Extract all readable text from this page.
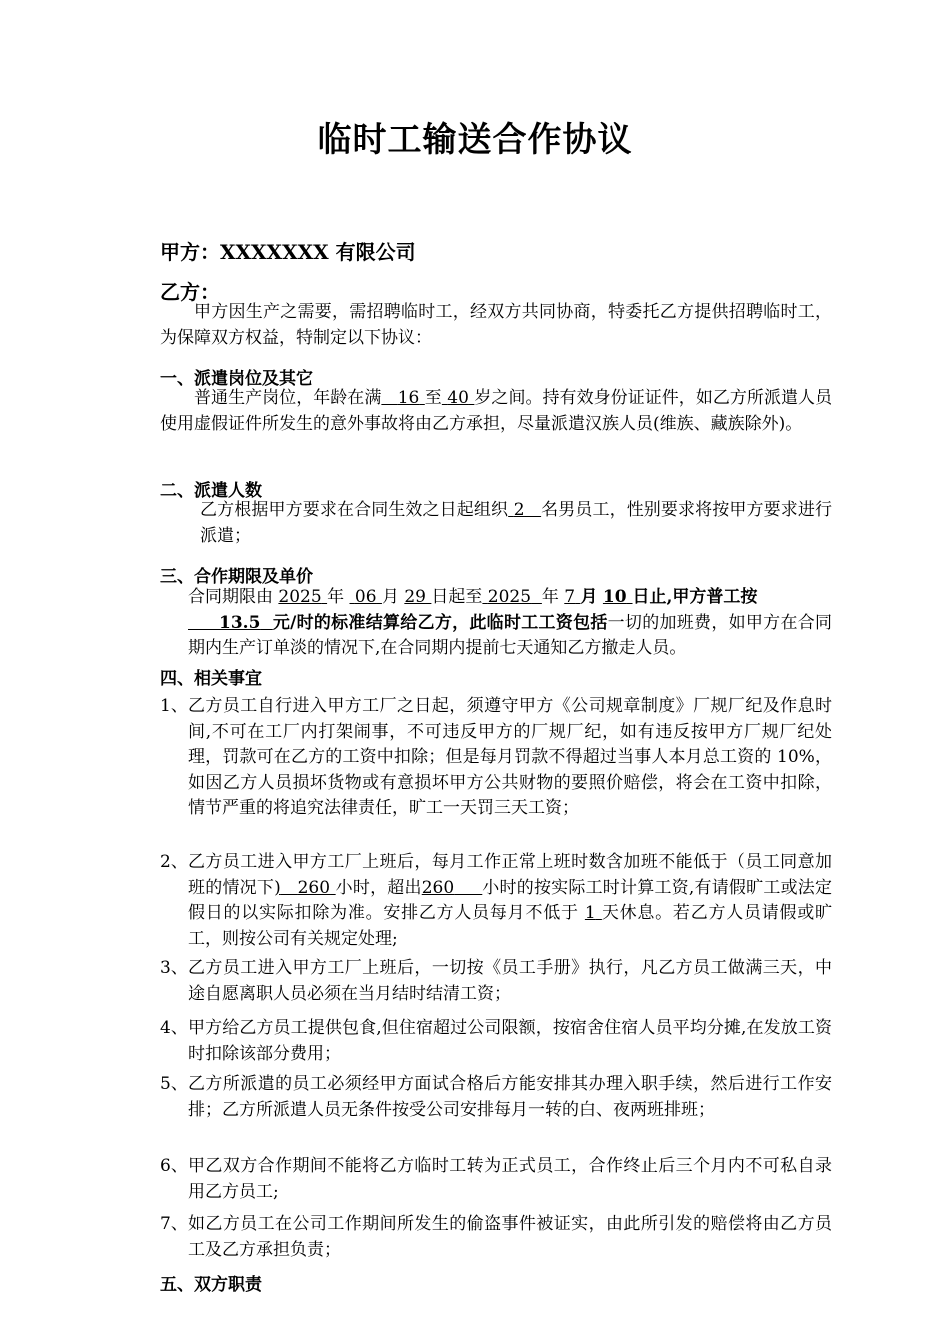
临时工输送合作协议
甲方：XXXXXXX 有限公司
乙方：
甲方因生产之需要，需招聘临时工，经双方共同协商，特委托乙方提供招聘临时工，为保障双方权益，特制定以下协议：
一、派遣岗位及其它
普通生产岗位，年龄在满 16 至 40 岁之间。持有效身份证证件，如乙方所派遣人员使用虚假证件所发生的意外事故将由乙方承担，尽量派遣汉族人员(维族、藏族除外)。
二、派遣人数
乙方根据甲方要求在合同生效之日起组织 2 名男员工，性别要求将按甲方要求进行派遣；
三、合作期限及单价
合同期限由 2025 年 06 月 29 日起至 2025 年 7 月 10 日止,甲方普工按
13.5 元/时的标准结算给乙方，此临时工工资包括一切的加班费，如甲方在合同期内生产订单淡的情况下,在合同期内提前七天通知乙方撤走人员。
四、相关事宜
1、 乙方员工自行进入甲方工厂之日起，须遵守甲方《公司规章制度》厂规厂纪及作息时间,不可在工厂内打架闹事，不可违反甲方的厂规厂纪，如有违反按甲方厂规厂纪处理，罚款可在乙方的工资中扣除；但是每月罚款不得超过当事人本月总工资的 10%，如因乙方人员损坏货物或有意损坏甲方公共财物的要照价赔偿，将会在工资中扣除，情节严重的将追究法律责任，旷工一天罚三天工资；
2、 乙方员工进入甲方工厂上班后，每月工作正常上班时数含加班不能低于（员工同意加班的情况下) 260 小时，超出260 小时的按实际工时计算工资,有请假旷工或法定假日的以实际扣除为准。安排乙方人员每月不低于 1 天休息。若乙方人员请假或旷工，则按公司有关规定处理;
3、 乙方员工进入甲方工厂上班后，一切按《员工手册》执行，凡乙方员工做满三天，中途自愿离职人员必须在当月结时结清工资；
4、 甲方给乙方员工提供包食,但住宿超过公司限额，按宿舍住宿人员平均分摊,在发放工资时扣除该部分费用；
5、 乙方所派遣的员工必须经甲方面试合格后方能安排其办理入职手续，然后进行工作安排；乙方所派遣人员无条件按受公司安排每月一转的白、夜两班排班；
6、 甲乙双方合作期间不能将乙方临时工转为正式员工，合作终止后三个月内不可私自录用乙方员工;
7、 如乙方员工在公司工作期间所发生的偷盗事件被证实，由此所引发的赔偿将由乙方员工及乙方承担负责；
五、双方职责
